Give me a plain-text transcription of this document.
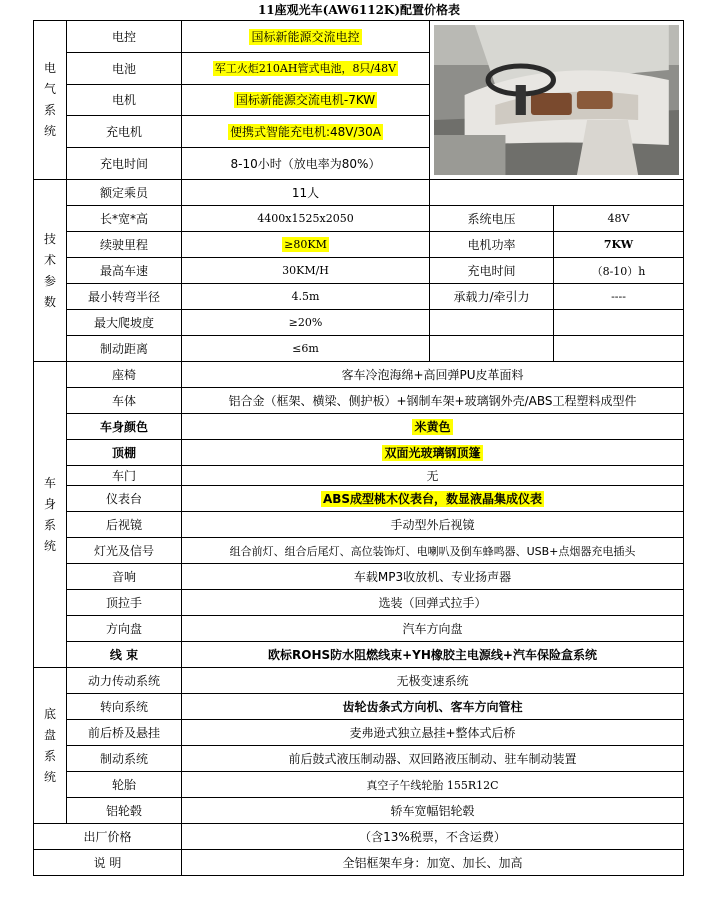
11座观光车(AW6112K)配置价格表
电气系统	电控	国标新能源交流电控	

	电池	军工火炬210AH管式电池，8只/48V		
	电机	国标新能源交流电机-7KW		
	充电机	便携式智能充电机:48V/30A		
	充电时间	8-10小时（放电率为80%）		

技术参数	额定乘员	11人		
	长*宽*高	4400x1525x2050	系统电压	48V
	续驶里程	≥80KM	电机功率	7KW
	最高车速	30KM/H	充电时间	（8-10）h
	最小转弯半径	4.5m	承载力/牵引力	----
	最大爬坡度	≥20%		
	制动距离	≤6m		

车身系统	座椅	客车冷泡海绵+高回弹PU皮革面料		
	车体	铝合金（框架、横梁、侧护板）+钢制车架+玻璃钢外壳/ABS工程塑料成型件		
	车身颜色	米黄色		
	顶棚	双面光玻璃钢顶篷		
	车门	无		
	仪表台	ABS成型桃木仪表台，数显液晶集成仪表		
	后视镜	手动型外后视镜		
	灯光及信号	组合前灯、组合后尾灯、高位装饰灯、电喇叭及倒车蜂鸣器、USB+点烟器充电插头		
	音响	车载MP3收放机、专业扬声器		
	顶拉手	选装（回弹式拉手）		
	方向盘	汽车方向盘		
	线 束	欧标ROHS防水阻燃线束+YH橡胶主电源线+汽车保险盒系统		

底盘系统	动力传动系统	无极变速系统		
	转向系统	齿轮齿条式方向机、客车方向管柱		
	前后桥及悬挂	麦弗逊式独立悬挂+整体式后桥		
	制动系统	前后鼓式液压制动器、双回路液压制动、驻车制动装置		
	轮胎	真空子午线轮胎 155R12C		
	铝轮毂	轿车宽幅铝轮毂		
出厂价格		（含13%税票，不含运费）		
说 明		全铝框架车身：加宽、加长、加高		
